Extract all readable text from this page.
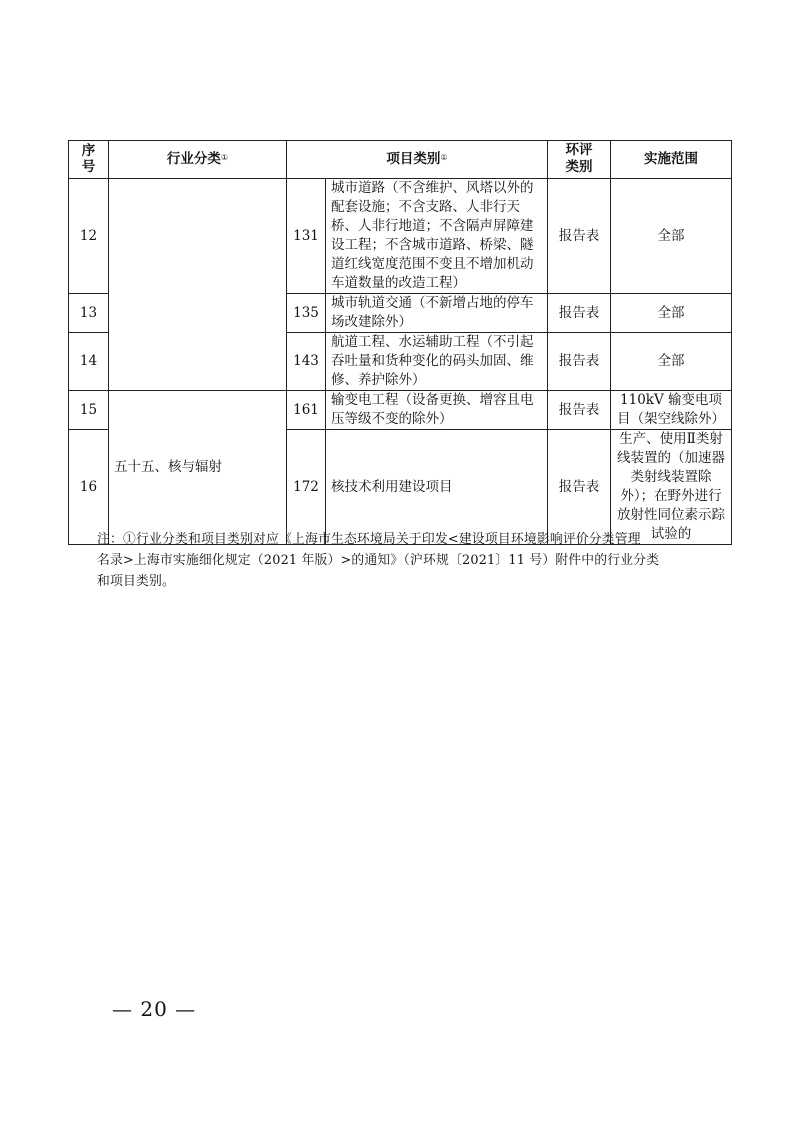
序号	行业分类①	项目类别①		环评类别	实施范围
12		131	城市道路（不含维护、风塔以外的配套设施；不含支路、人非行天桥、人非行地道；不含隔声屏障建设工程；不含城市道路、桥梁、隧道红线宽度范围不变且不增加机动车道数量的改造工程）	报告表	全部
13		135	城市轨道交通（不新增占地的停车场改建除外）	报告表	全部
14		143	航道工程、水运辅助工程（不引起吞吐量和货种变化的码头加固、维修、养护除外）	报告表	全部
15	五十五、核与辐射	161	输变电工程（设备更换、增容且电压等级不变的除外）	报告表	110kV 输变电项目（架空线除外）
16		172	核技术利用建设项目	报告表	生产、使用Ⅱ类射线装置的（加速器类射线装置除外）；在野外进行放射性同位素示踪试验的

注：①行业分类和项目类别对应《上海市生态环境局关于印发<建设项目环境影响评价分类管理

名录>上海市实施细化规定（2021 年版）>的通知》（沪环规〔2021〕11 号）附件中的行业分类

和项目类别。

— 20 —
